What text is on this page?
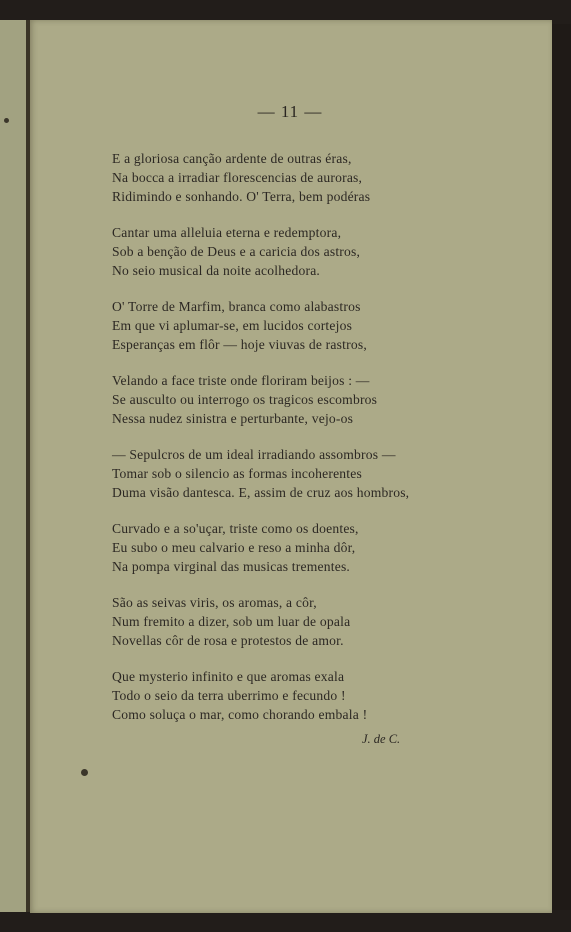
— 11 —
E a gloriosa canção ardente de outras éras,
Na bocca a irradiar florescencias de auroras,
Ridimindo e sonhando. O' Terra, bem podéras
Cantar uma alleluia eterna e redemptora,
Sob a benção de Deus e a caricia dos astros,
No seio musical da noite acolhedora.
O' Torre de Marfim, branca como alabastros
Em que vi aplumar-se, em lucidos cortejos
Esperanças em flôr — hoje viuvas de rastros,
Velando a face triste onde floriram beijos : —
Se ausculto ou interrogo os tragicos escombros
Nessa nudez sinistra e perturbante, vejo-os
— Sepulcros de um ideal irradiando assombros —
Tomar sob o silencio as formas incoherentes
Duma visão dantesca. E, assim de cruz aos hombros,
Curvado e a so'uçar, triste como os doentes,
Eu subo o meu calvario e reso a minha dôr,
Na pompa virginal das musicas trementes.
São as seivas viris, os aromas, a côr,
Num fremito a dizer, sob um luar de opala
Novellas côr de rosa e protestos de amor.
Que mysterio infinito e que aromas exala
Todo o seio da terra uberrimo e fecundo !
Como soluça o mar, como chorando embala !
J. de C.
